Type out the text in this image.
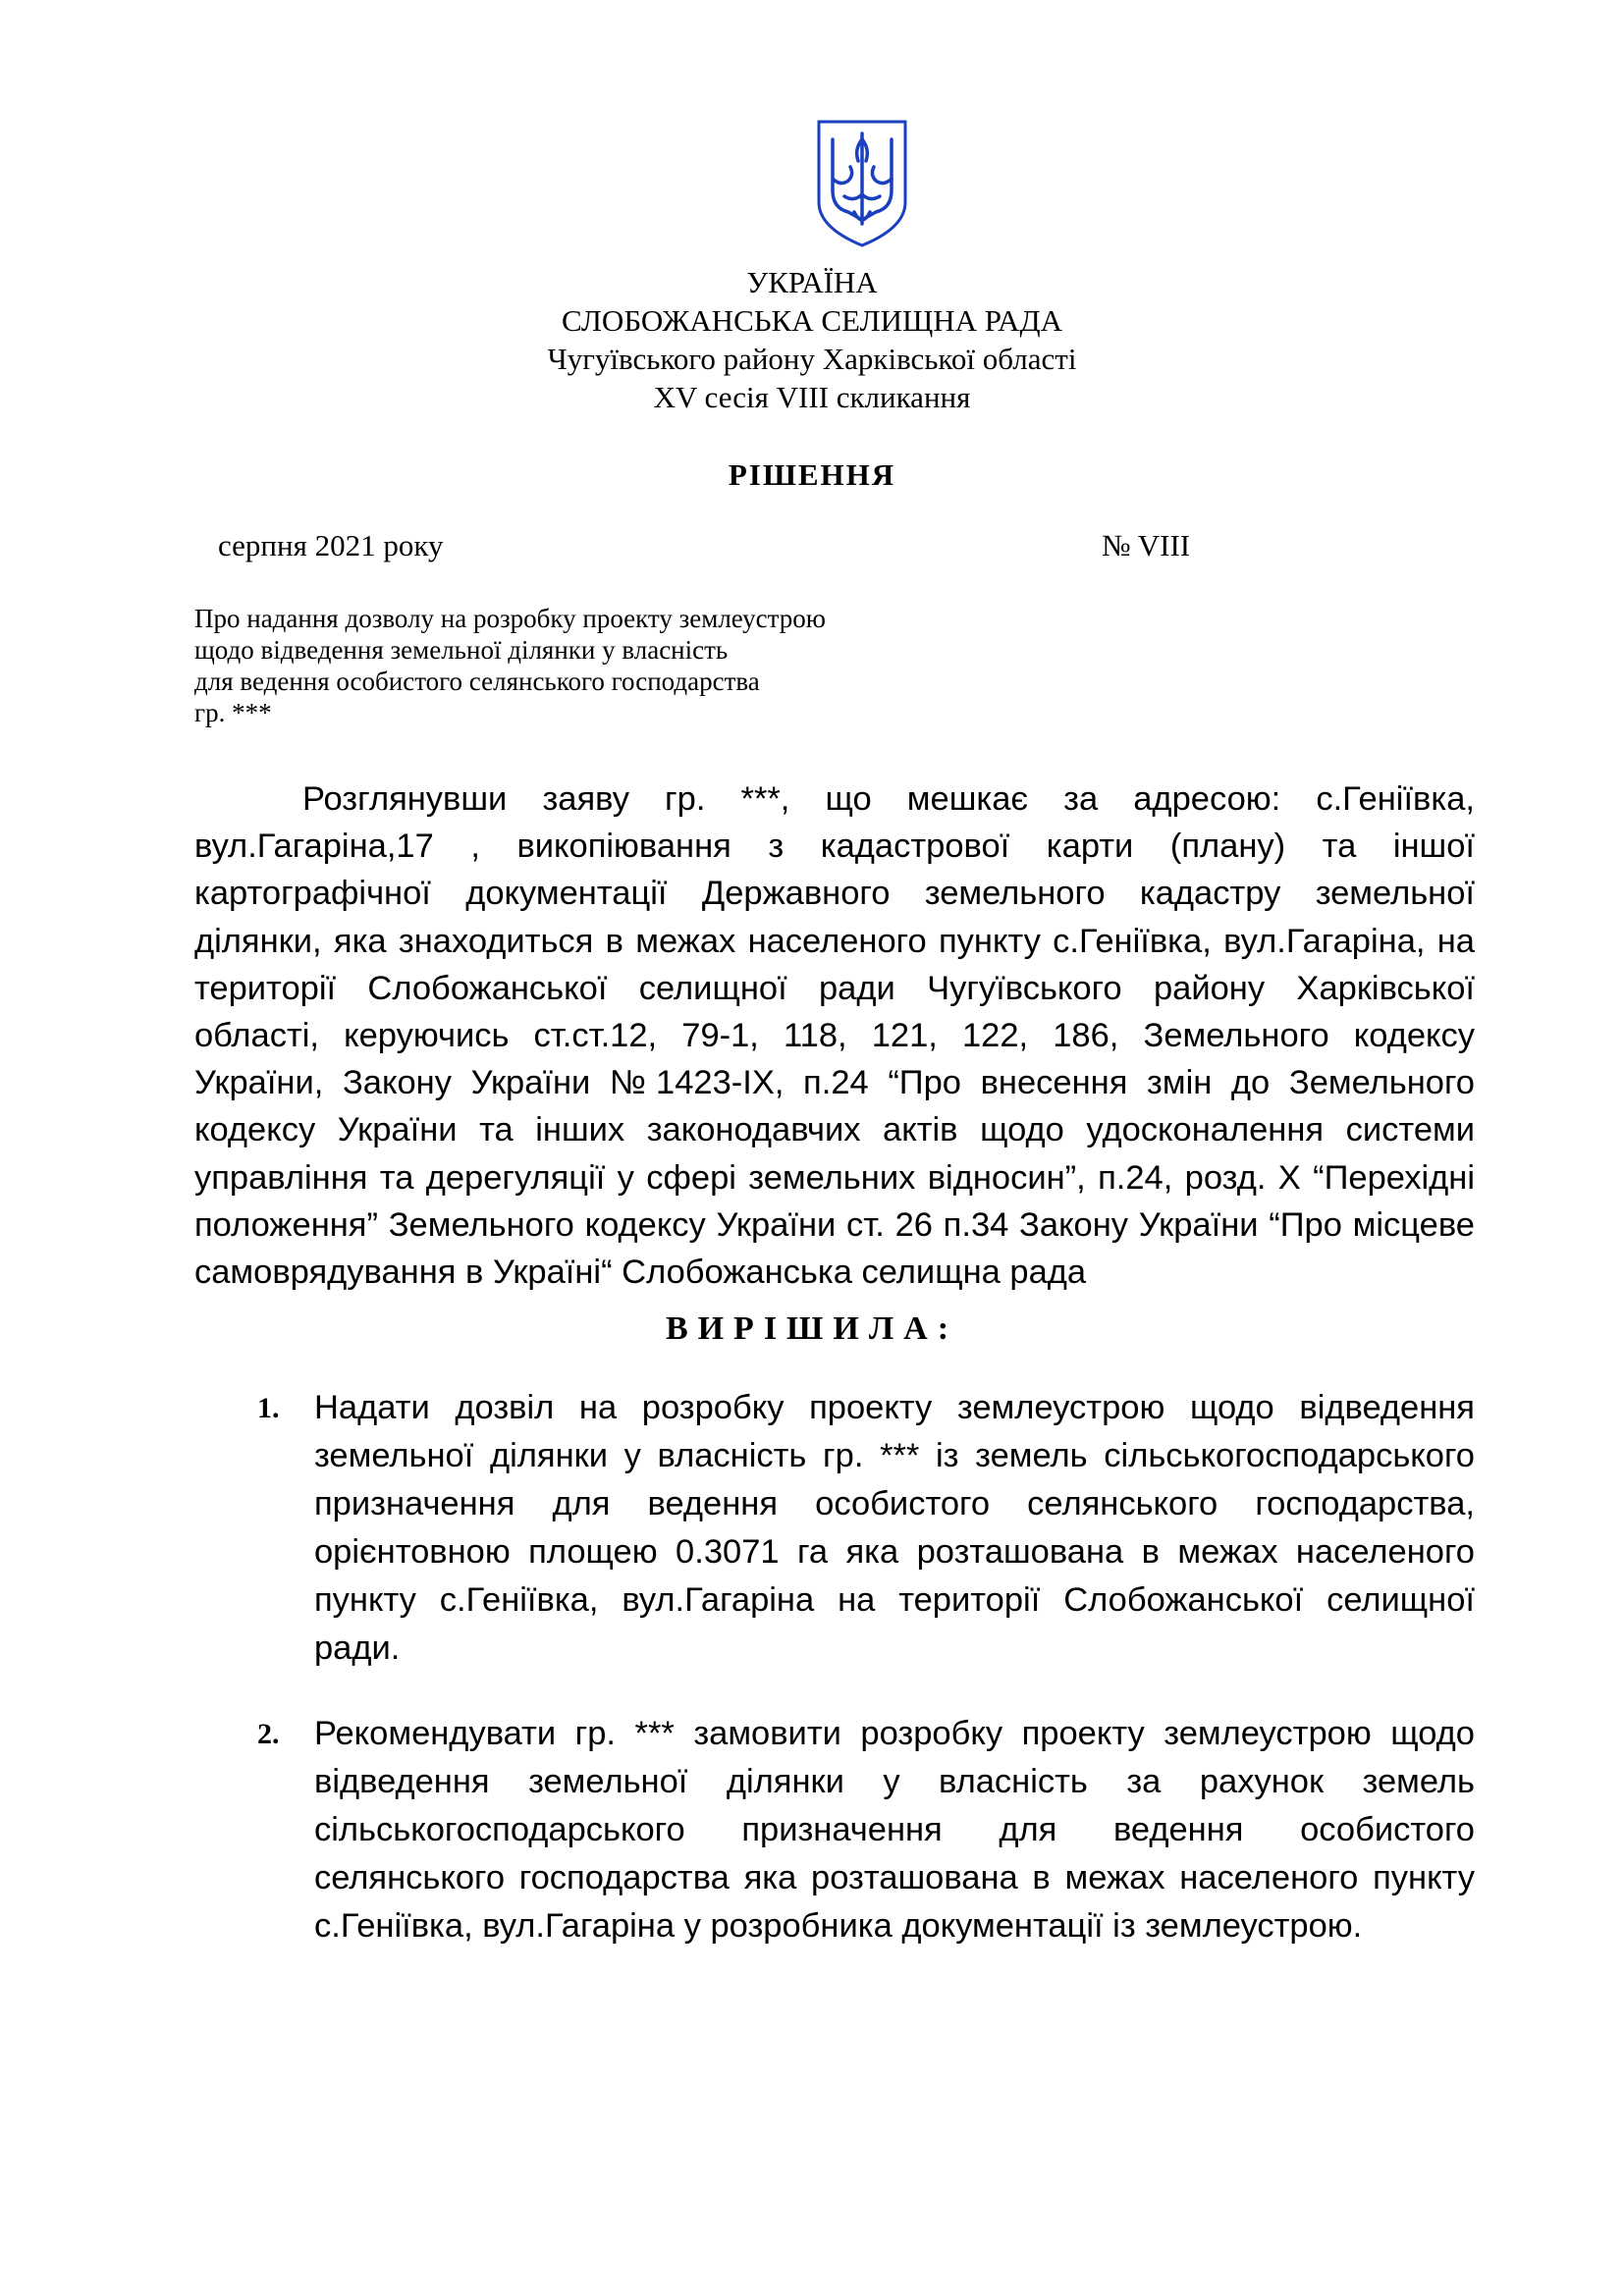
УКРАЇНА
СЛОБОЖАНСЬКА СЕЛИЩНА РАДА
Чугуївського району Харківської області
XV сесія VIII скликання
РІШЕННЯ
серпня 2021 року	№ VIII
Про надання дозволу на розробку проекту землеустрою
щодо відведення земельної ділянки у власність
для ведення особистого селянського господарства
гр. ***
Розглянувши заяву гр. ***, що мешкає за адресою: с.Геніївка, вул.Гагаріна,17 , викопіювання з кадастрової карти (плану) та іншої картографічної документації Державного земельного кадастру земельної ділянки, яка знаходиться в межах населеного пункту с.Геніївка, вул.Гагаріна, на території Слобожанської селищної ради Чугуївського району Харківської області, керуючись ст.ст.12, 79-1, 118, 121, 122, 186, Земельного кодексу України, Закону України №1423-IX, п.24 “Про внесення змін до Земельного кодексу України та інших законодавчих актів щодо удосконалення системи управління та дерегуляції у сфері земельних відносин”, п.24, розд. X “Перехідні положення” Земельного кодексу України ст. 26 п.34 Закону України “Про місцеве самоврядування в Україні“ Слобожанська селищна рада
ВИРІШИЛА:
1. Надати дозвіл на розробку проекту землеустрою щодо відведення земельної ділянки у власність гр. *** із земель сільськогосподарського призначення для ведення особистого селянського господарства, орієнтовною площею 0.3071 га яка розташована в межах населеного пункту с.Геніївка, вул.Гагаріна на території Слобожанської селищної ради.
2. Рекомендувати гр. *** замовити розробку проекту землеустрою щодо відведення земельної ділянки у власність за рахунок земель сільськогосподарського призначення для ведення особистого селянського господарства яка розташована в межах населеного пункту с.Геніївка, вул.Гагаріна у розробника документації із землеустрою.
